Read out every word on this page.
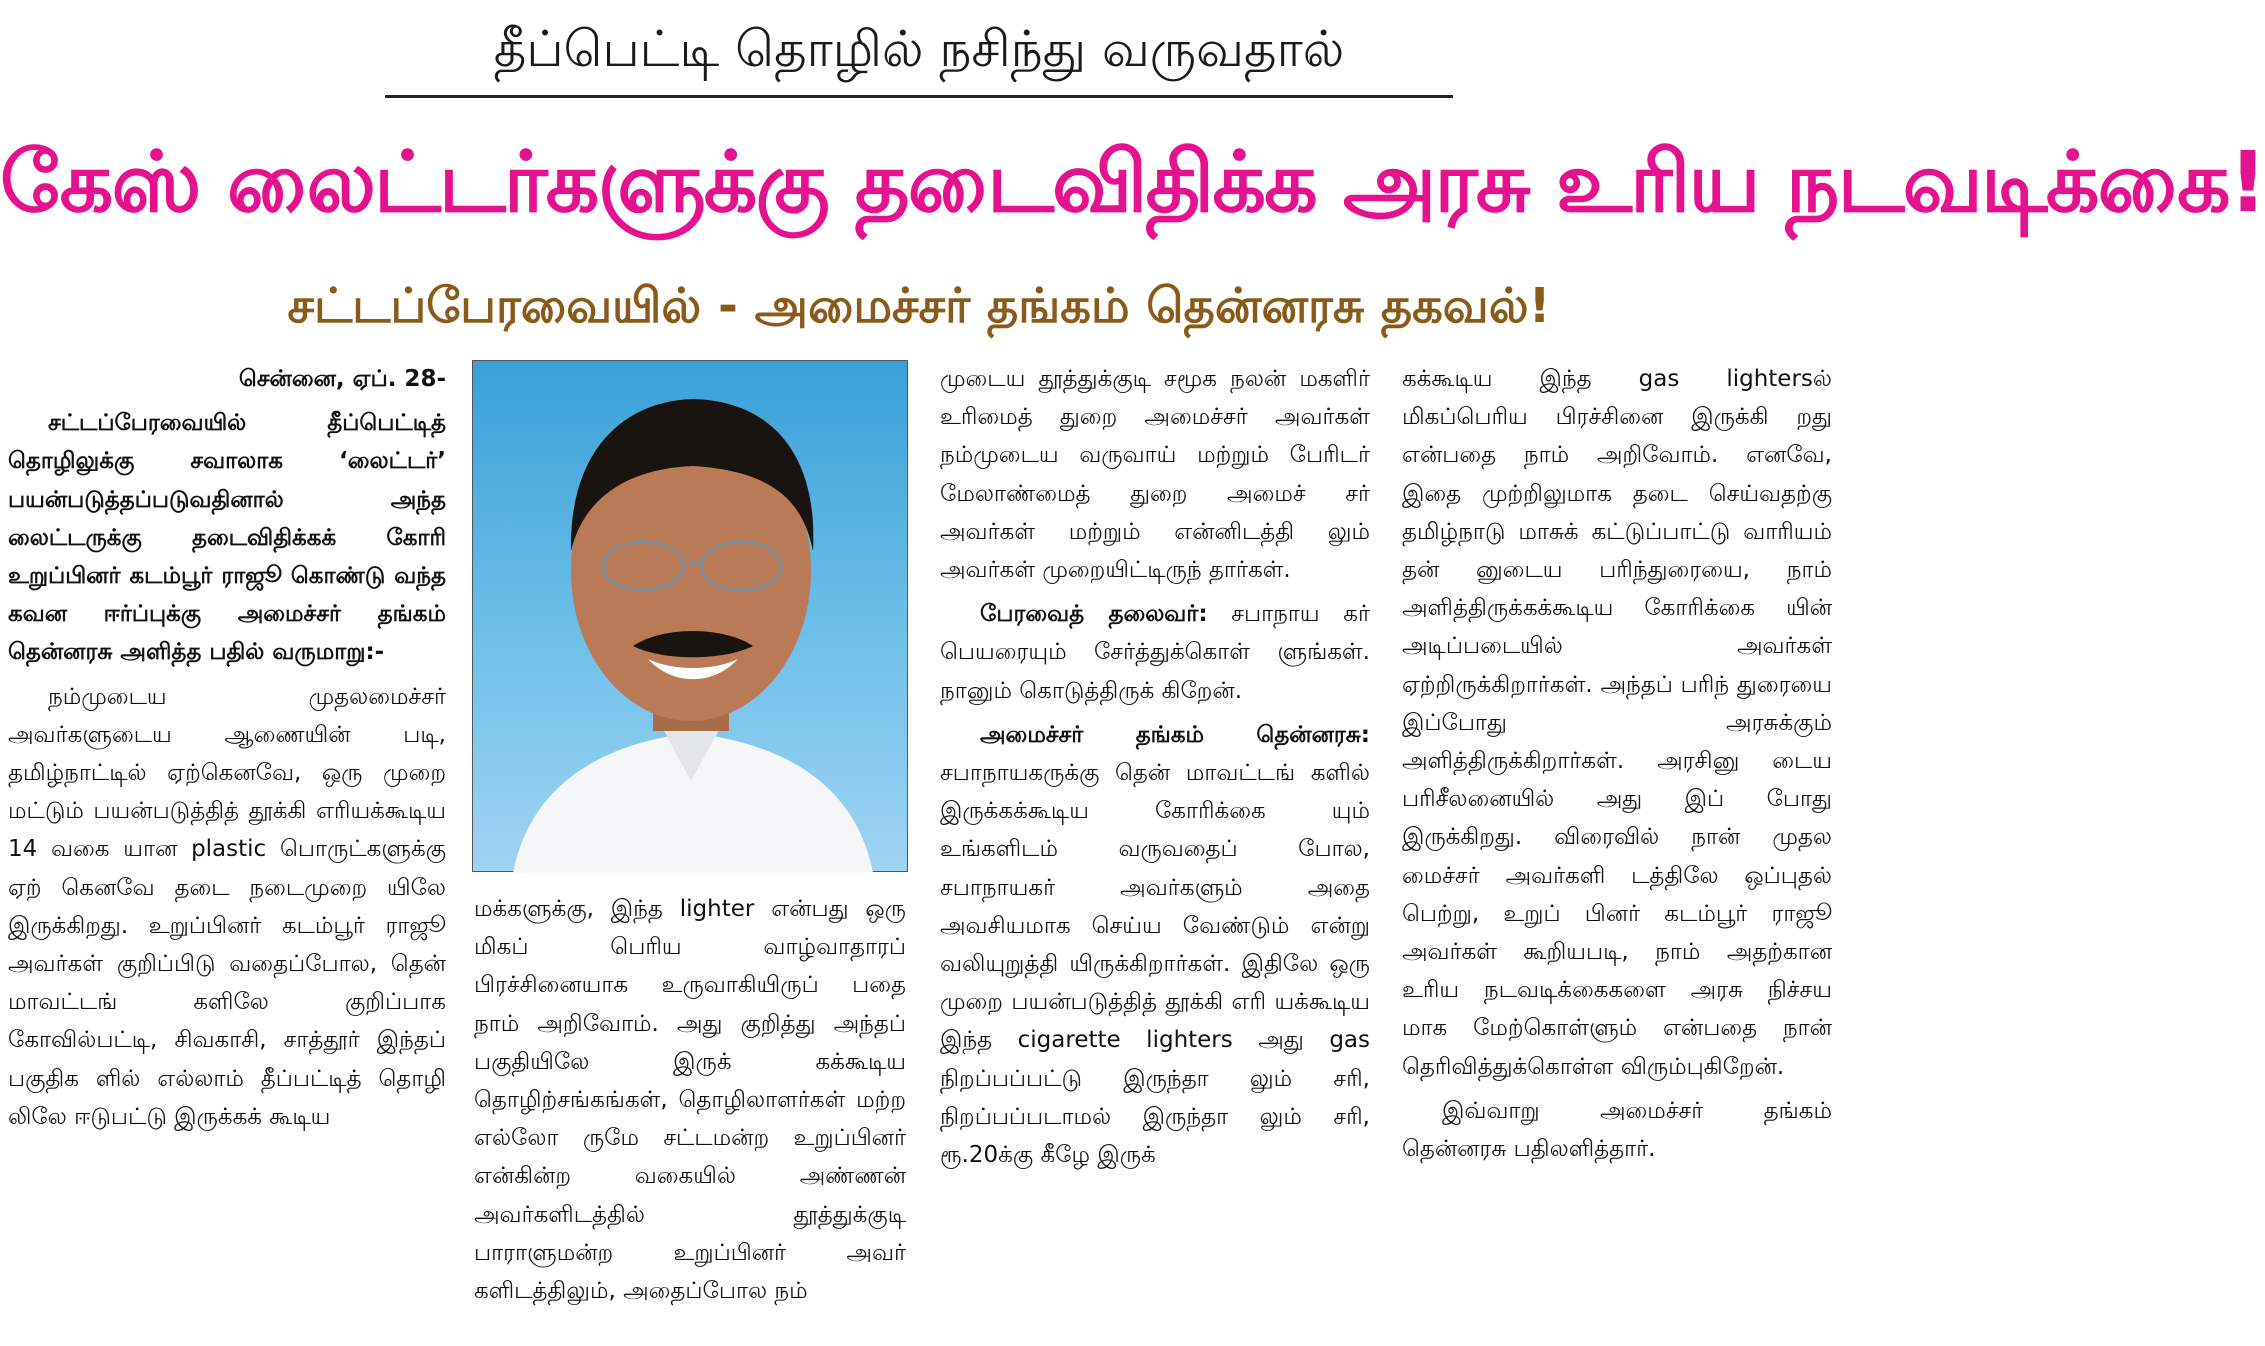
தீப்பெட்டி தொழில் நசிந்து வருவதால்
கேஸ் லைட்டர்களுக்கு தடைவிதிக்க அரசு உரிய நடவடிக்கை!
சட்டப்பேரவையில் - அமைச்சர் தங்கம் தென்னரசு தகவல்!

சென்னை, ஏப். 28-

சட்டப்பேரவையில் தீப்பெட்டித் தொழிலுக்கு சவாலாக ‘லைட்டர்’ பயன்படுத்தப்படுவதினால் அந்த லைட்டருக்கு தடைவிதிக்கக் கோரி உறுப்பினர் கடம்பூர் ராஜூ கொண்டு வந்த கவன ஈர்ப்புக்கு அமைச்சர் தங்கம் தென்னரசு அளித்த பதில் வருமாறு:-

நம்முடைய முதலமைச்சர் அவர்களுடைய ஆணையின் படி, தமிழ்நாட்டில் ஏற்கெனவே, ஒரு முறை மட்டும் பயன்படுத்தித் தூக்கி எரியக்கூடிய 14 வகை யான plastic பொருட்களுக்கு ஏற் கெனவே தடை நடைமுறை யிலே இருக்கிறது. உறுப்பினர் கடம்பூர் ராஜூ அவர்கள் குறிப்பிடு வதைப்போல, தென் மாவட்டங் களிலே குறிப்பாக கோவில்பட்டி, சிவகாசி, சாத்தூர் இந்தப் பகுதிக ளில் எல்லாம் தீப்பட்டித் தொழி லிலே ஈடுபட்டு இருக்கக் கூடிய

மக்களுக்கு, இந்த lighter என்பது ஒரு மிகப் பெரிய வாழ்வாதாரப் பிரச்சினையாக உருவாகியிருப் பதை நாம் அறிவோம். அது குறித்து அந்தப் பகுதியிலே இருக் கக்கூடிய தொழிற்சங்கங்கள், தொழிலாளர்கள் மற்ற எல்லோ ருமே சட்டமன்ற உறுப்பினர் என்கின்ற வகையில் அண்ணன் அவர்களிடத்தில் தூத்துக்குடி பாராளுமன்ற உறுப்பினர் அவர் களிடத்திலும், அதைப்போல நம்

முடைய தூத்துக்குடி சமூக நலன் மகளிர் உரிமைத் துறை அமைச்சர் அவர்கள் நம்முடைய வருவாய் மற்றும் பேரிடர் மேலாண்மைத் துறை அமைச் சர் அவர்கள் மற்றும் என்னிடத்தி லும் அவர்கள் முறையிட்டிருந் தார்கள்.

பேரவைத் தலைவர்: சபாநாய கர் பெயரையும் சேர்த்துக்கொள் ளுங்கள். நானும் கொடுத்திருக் கிறேன்.

அமைச்சர் தங்கம் தென்னரசு: சபாநாயகருக்கு தென் மாவட்டங் களில் இருக்கக்கூடிய கோரிக்கை யும் உங்களிடம் வருவதைப் போல, சபாநாயகர் அவர்களும் அதை அவசியமாக செய்ய வேண்டும் என்று வலியுறுத்தி யிருக்கிறார்கள். இதிலே ஒரு முறை பயன்படுத்தித் தூக்கி எரி யக்கூடிய இந்த cigarette lighters அது gas நிறப்பப்பட்டு இருந்தா லும் சரி, நிறப்பப்படாமல் இருந்தா லும் சரி, ரூ.20க்கு கீழே இருக்

கக்கூடிய இந்த gas lightersல் மிகப்பெரிய பிரச்சினை இருக்கி றது என்பதை நாம் அறிவோம். எனவே, இதை முற்றிலுமாக தடை செய்வதற்கு தமிழ்நாடு மாசுக் கட்டுப்பாட்டு வாரியம் தன் னுடைய பரிந்துரையை, நாம் அளித்திருக்கக்கூடிய கோரிக்கை யின் அடிப்படையில் அவர்கள் ஏற்றிருக்கிறார்கள். அந்தப் பரிந் துரையை இப்போது அரசுக்கும் அளித்திருக்கிறார்கள். அரசினு டைய பரிசீலனையில் அது இப் போது இருக்கிறது. விரைவில் நான் முதல மைச்சர் அவர்களி டத்திலே ஒப்புதல் பெற்று, உறுப் பினர் கடம்பூர் ராஜூ அவர்கள் கூறியபடி, நாம் அதற்கான உரிய நடவடிக்கைகளை அரசு நிச்சய மாக மேற்கொள்ளும் என்பதை நான் தெரிவித்துக்கொள்ள விரும்புகிறேன்.

இவ்வாறு அமைச்சர் தங்கம் தென்னரசு பதிலளித்தார்.
